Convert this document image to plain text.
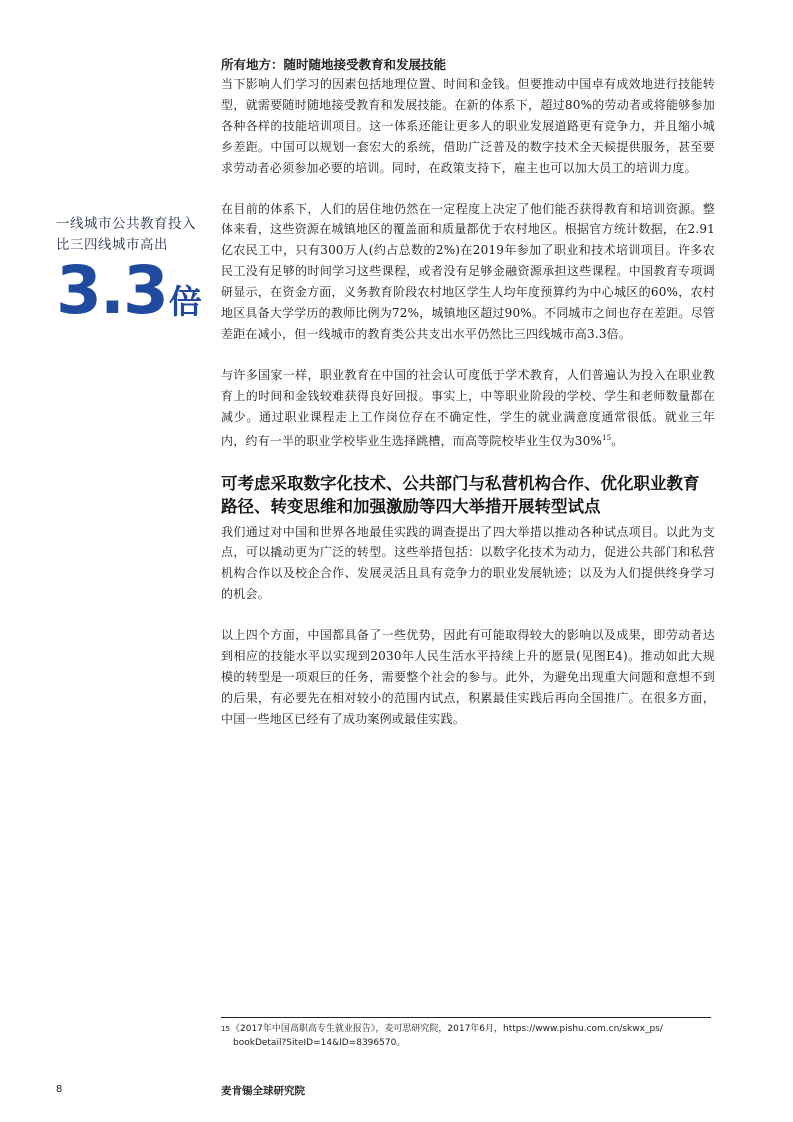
一线城市公共教育投入比三四线城市高出
3.3倍
所有地方：随时随地接受教育和发展技能

当下影响人们学习的因素包括地理位置、时间和金钱。但要推动中国卓有成效地进行技能转型，就需要随时随地接受教育和发展技能。在新的体系下，超过80%的劳动者或将能够参加各种各样的技能培训项目。这一体系还能让更多人的职业发展道路更有竞争力，并且缩小城乡差距。中国可以规划一套宏大的系统，借助广泛普及的数字技术全天候提供服务，甚至要求劳动者必须参加必要的培训。同时，在政策支持下，雇主也可以加大员工的培训力度。

在目前的体系下，人们的居住地仍然在一定程度上决定了他们能否获得教育和培训资源。整体来看，这些资源在城镇地区的覆盖面和质量都优于农村地区。根据官方统计数据，在2.91亿农民工中，只有300万人(约占总数的2%)在2019年参加了职业和技术培训项目。许多农民工没有足够的时间学习这些课程，或者没有足够金融资源承担这些课程。中国教育专项调研显示，在资金方面，义务教育阶段农村地区学生人均年度预算约为中心城区的60%，农村地区具备大学学历的教师比例为72%，城镇地区超过90%。不同城市之间也存在差距。尽管差距在减小，但一线城市的教育类公共支出水平仍然比三四线城市高3.3倍。

与许多国家一样，职业教育在中国的社会认可度低于学术教育，人们普遍认为投入在职业教育上的时间和金钱较难获得良好回报。事实上，中等职业阶段的学校、学生和老师数量都在减少。通过职业课程走上工作岗位存在不确定性，学生的就业满意度通常很低。就业三年内，约有一半的职业学校毕业生选择跳槽，而高等院校毕业生仅为30%$^{15}$。

可考虑采取数字化技术、公共部门与私营机构合作、优化职业教育路径、转变思维和加强激励等四大举措开展转型试点

我们通过对中国和世界各地最佳实践的调查提出了四大举措以推动各种试点项目。以此为支点，可以撬动更为广泛的转型。这些举措包括：以数字化技术为动力，促进公共部门和私营机构合作以及校企合作、发展灵活且具有竞争力的职业发展轨迹；以及为人们提供终身学习的机会。

以上四个方面，中国都具备了一些优势，因此有可能取得较大的影响以及成果，即劳动者达到相应的技能水平以实现到2030年人民生活水平持续上升的愿景(见图E4)。推动如此大规模的转型是一项艰巨的任务，需要整个社会的参与。此外，为避免出现重大问题和意想不到的后果，有必要先在相对较小的范围内试点，积累最佳实践后再向全国推广。在很多方面，中国一些地区已经有了成功案例或最佳实践。

15《2017年中国高职高专生就业报告》，麦可思研究院，2017年6月，https://www.pishu.com.cn/skwx_ps/
bookDetail?SiteID=14&ID=8396570。
8	麦肯锡全球研究院
